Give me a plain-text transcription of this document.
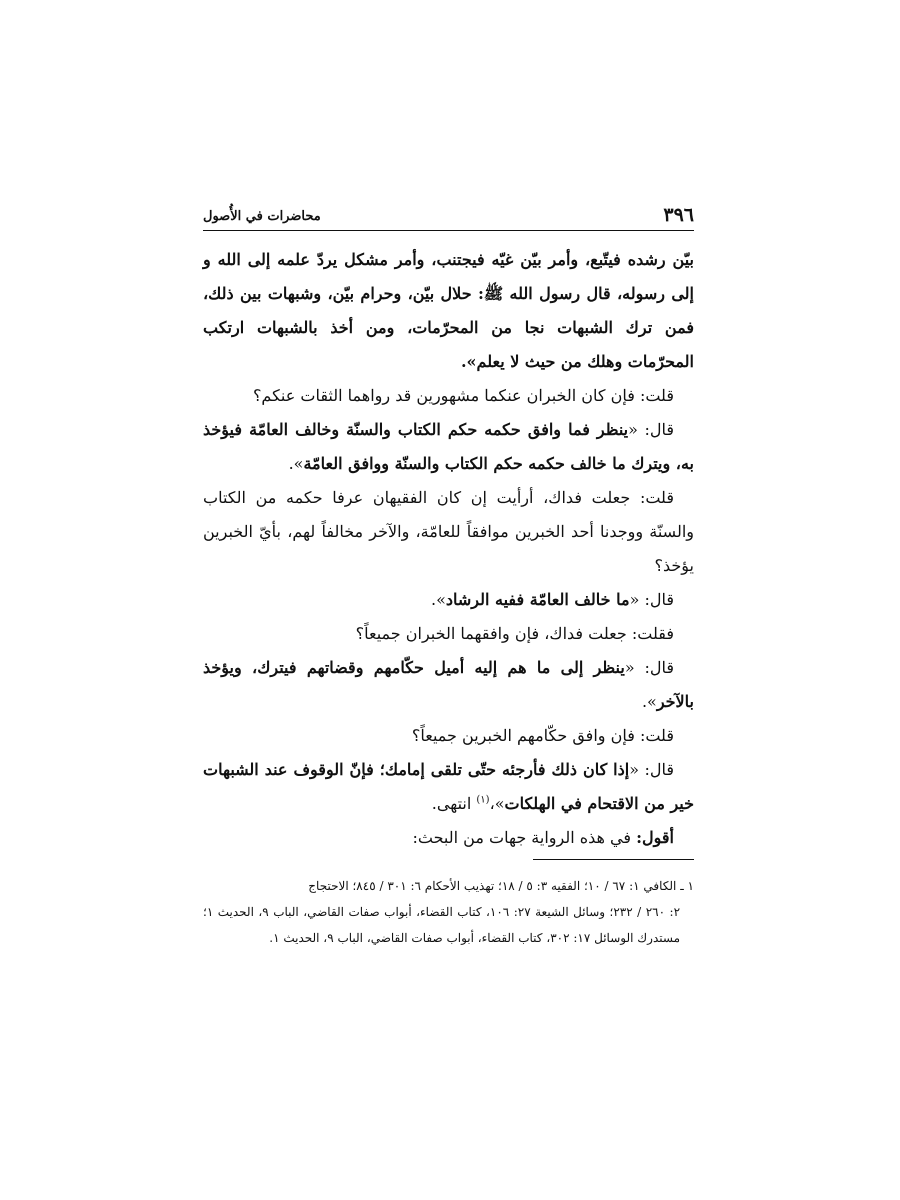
٣٩٦
محاضرات في الأُصول

بيّن رشده فيتّبع، وأمر بيّن غيّه فيجتنب، وأمر مشكل يردّ علمه إلى الله و إلى رسوله، قال رسول الله ﷺ: حلال بيّن، وحرام بيّن، وشبهات بين ذلك، فمن ترك الشبهات نجا من المحرّمات، ومن أخذ بالشبهات ارتكب المحرّمات وهلك من حيث لا يعلم».

قلت: فإن كان الخبران عنكما مشهورين قد رواهما الثقات عنكم؟

قال: «ينظر فما وافق حكمه حكم الكتاب والسنّة وخالف العامّة فيؤخذ به، ويترك ما خالف حكمه حكم الكتاب والسنّة ووافق العامّة».

قلت: جعلت فداك، أرأيت إن كان الفقيهان عرفا حكمه من الكتاب والسنّة ووجدنا أحد الخبرين موافقاً للعامّة، والآخر مخالفاً لهم، بأيّ الخبرين يؤخذ؟

قال: «ما خالف العامّة ففيه الرشاد».

فقلت: جعلت فداك، فإن وافقهما الخبران جميعاً؟

قال: «ينظر إلى ما هم إليه أميل حكّامهم وقضاتهم فيترك، ويؤخذ بالآخر».

قلت: فإن وافق حكّامهم الخبرين جميعاً؟

قال: «إذا كان ذلك فأرجئه حتّى تلقى إمامك؛ فإنّ الوقوف عند الشبهات خير من الاقتحام في الهلكات»،$^{(١)}$ انتهى.

أقول: في هذه الرواية جهات من البحث:

١ ـ الكافي ١: ٦٧ / ١٠؛ الفقيه ٣: ٥ / ١٨؛ تهذيب الأحكام ٦: ٣٠١ / ٨٤٥؛ الاحتجاج

٢: ٢٦٠ / ٢٣٢؛ وسائل الشيعة ٢٧: ١٠٦، كتاب القضاء، أبواب صفات القاضي، الباب ٩، الحديث ١؛ مستدرك الوسائل ١٧: ٣٠٢، كتاب القضاء، أبواب صفات القاضي، الباب ٩، الحديث ١.
